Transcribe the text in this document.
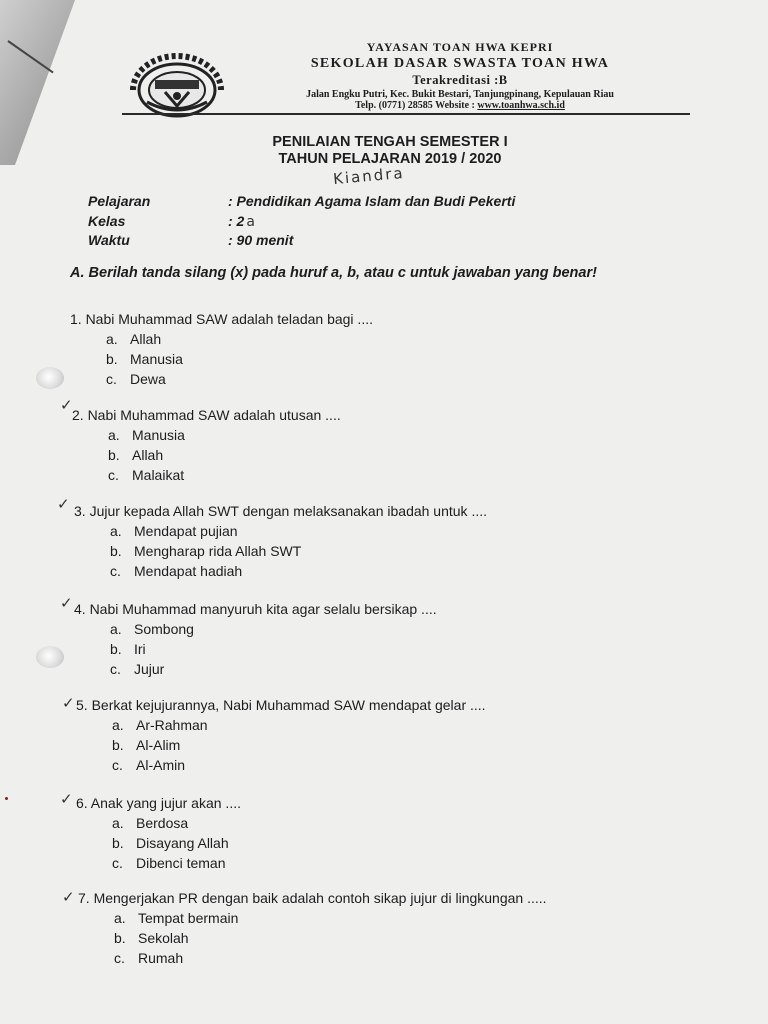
YAYASAN TOAN HWA KEPRI
SEKOLAH DASAR SWASTA TOAN HWA
Terakreditasi :B
Jalan Engku Putri, Kec. Bukit Bestari, Tanjungpinang, Kepulauan Riau
Telp. (0771) 28585 Website : www.toanhwa.sch.id
PENILAIAN TENGAH SEMESTER I
TAHUN PELAJARAN 2019 / 2020
Kiandra
Pelajaran	: Pendidikan Agama Islam dan Budi Pekerti
Kelas	: 2 a
Waktu	: 90 menit
A. Berilah tanda silang (x) pada huruf a, b, atau c untuk jawaban yang benar!
1. Nabi Muhammad SAW adalah teladan bagi ....
a. Allah
b. Manusia
c. Dewa
2. Nabi Muhammad SAW adalah utusan ....
a. Manusia
b. Allah
c. Malaikat
✓
3. Jujur kepada Allah SWT dengan melaksanakan ibadah untuk ....
a. Mendapat pujian
b. Mengharap rida Allah SWT
c. Mendapat hadiah
✓
4. Nabi Muhammad manyuruh kita agar selalu bersikap ....
a. Sombong
b. Iri
c. Jujur
✓
5. Berkat kejujurannya, Nabi Muhammad SAW mendapat gelar ....
a. Ar-Rahman
b. Al-Alim
c. Al-Amin
✓
6. Anak yang jujur akan ....
a. Berdosa
b. Disayang Allah
c. Dibenci teman
✓
7. Mengerjakan PR dengan baik adalah contoh sikap jujur di lingkungan .....
a. Tempat bermain
b. Sekolah
c. Rumah
✓
